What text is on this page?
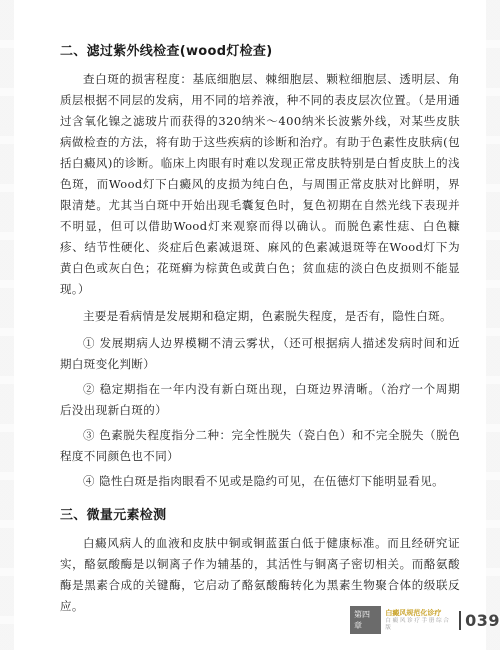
二、滤过紫外线检查(wood灯检查)

查白斑的损害程度：基底细胞层、棘细胞层、颗粒细胞层、透明层、角质层根据不同层的发病，用不同的培养液，种不同的表皮层次位置。（是用通过含氧化镍之滤玻片而获得的320纳米～400纳米长波紫外线，对某些皮肤病做检查的方法，将有助于这些疾病的诊断和治疗。有助于色素性皮肤病(包括白癜风)的诊断。临床上肉眼有时难以发现正常皮肤特别是白皙皮肤上的浅色斑，而Wood灯下白癜风的皮损为纯白色，与周围正常皮肤对比鲜明，界限清楚。尤其当白斑中开始出现毛囊复色时，复色初期在自然光线下表现并不明显，但可以借助Wood灯来观察而得以确认。而脱色素性痣、白色糠疹、结节性硬化、炎症后色素减退斑、麻风的色素减退斑等在Wood灯下为黄白色或灰白色；花斑癣为棕黄色或黄白色；贫血痣的淡白色皮损则不能显现。）

主要是看病情是发展期和稳定期，色素脱失程度，是否有，隐性白斑。

① 发展期病人边界模糊不清云雾状，（还可根据病人描述发病时间和近期白斑变化判断）

② 稳定期指在一年内没有新白斑出现，白斑边界清晰。（治疗一个周期后没出现新白斑的）

③ 色素脱失程度指分二种：完全性脱失（瓷白色）和不完全脱失（脱色程度不同颜色也不同）

④ 隐性白斑是指肉眼看不见或是隐约可见，在伍德灯下能明显看见。

三、微量元素检测

白癜风病人的血液和皮肤中铜或铜蓝蛋白低于健康标准。而且经研究证实，酪氨酸酶是以铜离子作为辅基的，其活性与铜离子密切相关。而酪氨酸酶是黑素合成的关键酶，它启动了酪氨酸酶转化为黑素生物聚合体的级联反应。

第四章
白癜风规范化诊疗
白 癜 风 诊 疗 手 册 综 合 版	039
